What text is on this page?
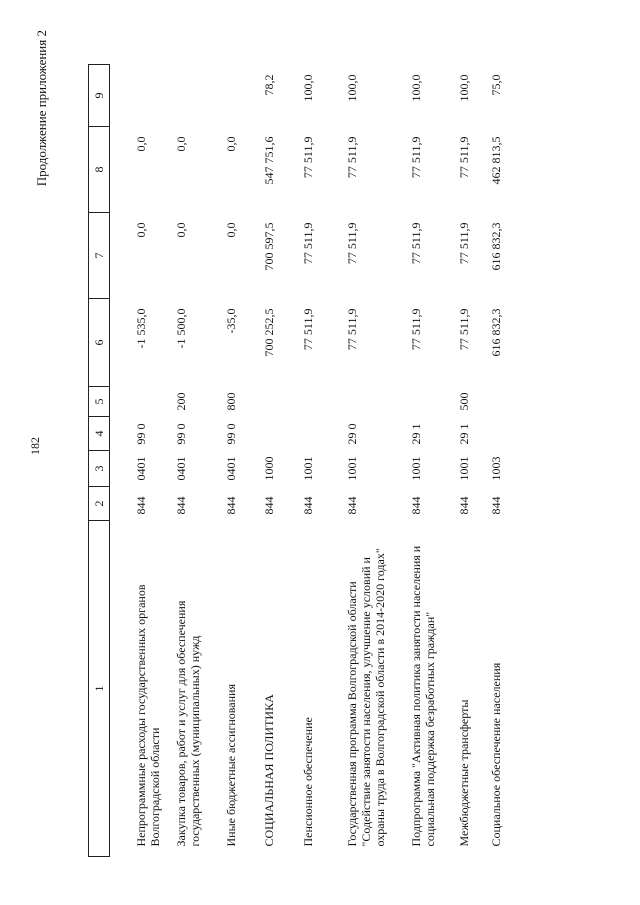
182
Продолжение приложения 2
1	2	3	4	5	6	7	8	9
Непрограммные расходы государственных органов Волгоградской области	844	0401	99 0		-1 535,0	0,0	0,0	
Закупка товаров, работ и услуг для обеспечения государственных (муниципальных) нужд	844	0401	99 0	200	-1 500,0	0,0	0,0	
Иные бюджетные ассигнования	844	0401	99 0	800	-35,0	0,0	0,0	
СОЦИАЛЬНАЯ ПОЛИТИКА	844	1000			700 252,5	700 597,5	547 751,6	78,2
Пенсионное обеспечение	844	1001			77 511,9	77 511,9	77 511,9	100,0
Государственная программа Волгоградской области "Содействие занятости населения, улучшение условий и охраны труда в Волгоградской области в 2014-2020 годах"	844	1001	29 0		77 511,9	77 511,9	77 511,9	100,0
Подпрограмма "Активная политика занятости населения и социальная поддержка безработных граждан"	844	1001	29 1		77 511,9	77 511,9	77 511,9	100,0
Межбюджетные трансферты	844	1001	29 1	500	77 511,9	77 511,9	77 511,9	100,0
Социальное обеспечение населения	844	1003			616 832,3	616 832,3	462 813,5	75,0
